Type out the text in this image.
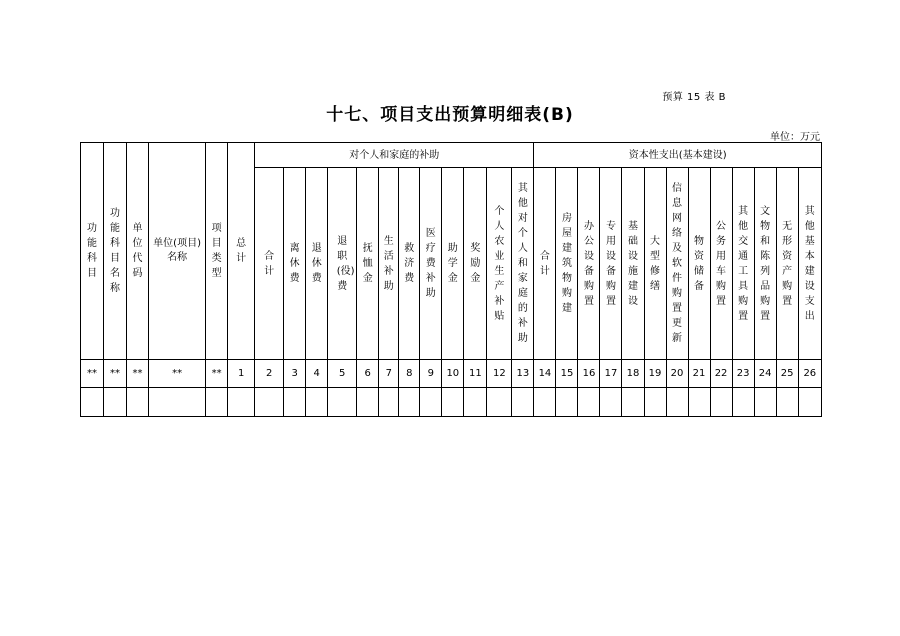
预算 15 表 B
十七、项目支出预算明细表(B)
单位：万元
功能科目	功能科目名称	单位代码	单位(项目)名称	项目类型	总计	对个人和家庭的补助												资本性支出(基本建设)												

						合计	离休费	退休费	退职(役)费	抚恤金	生活补助	救济费	医疗费补助	助学金	奖励金	个人农业生产补贴	其他对个人和家庭的补助	合计	房屋建筑物购建	办公设备购置	专用设备购置	基础设施建设	大型修缮	信息网络及软件购置更新	物资储备	公务用车购置	其他交通工具购置	文物和陈列品购置	无形资产购置	其他基本建设支出

**	**	**	**	**	1	2	3	4	5	6	7	8	9	10	11	12	13	14	15	16	17	18	19	20	21	22	23	24	25	26
